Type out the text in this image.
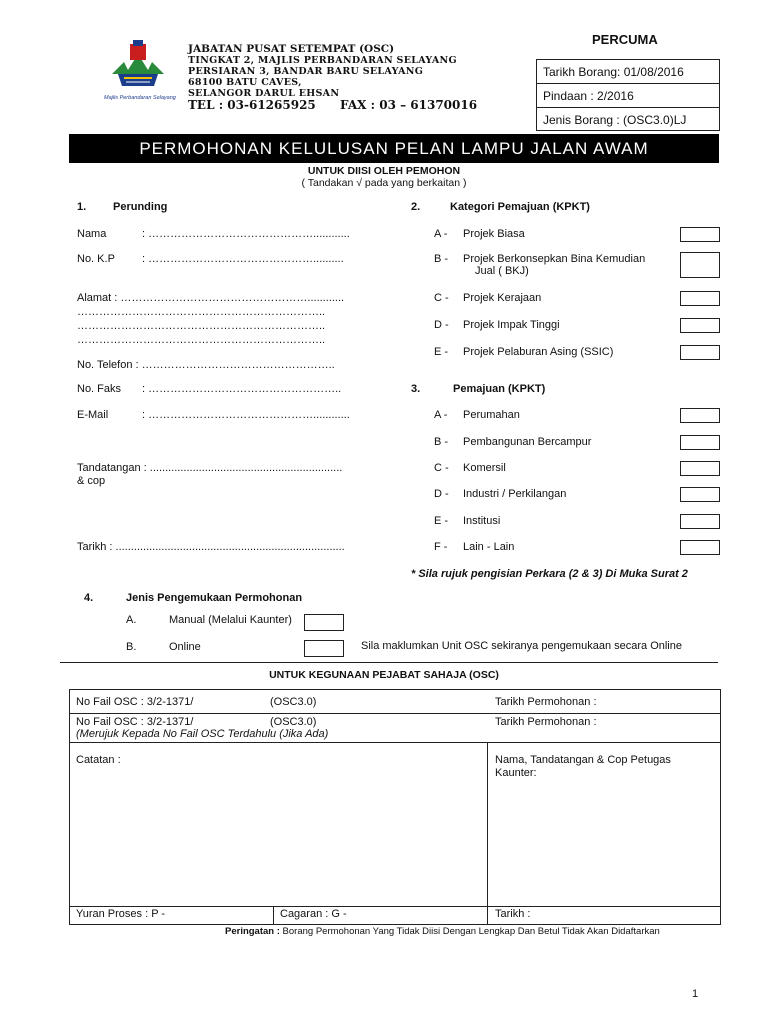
Majlis Perbandaran Selayang
JABATAN PUSAT SETEMPAT (OSC)
TINGKAT 2, MAJLIS PERBANDARAN SELAYANG
PERSIARAN 3, BANDAR BARU SELAYANG
68100 BATU CAVES,
SELANGOR DARUL EHSAN
TEL : 03-61265925 FAX : 03 – 61370016
PERCUMA
Tarikh Borang: 01/08/2016
Pindaan : 2/2016
Jenis Borang : (OSC3.0)LJ
PERMOHONAN KELULUSAN PELAN LAMPU JALAN AWAM
UNTUK DIISI OLEH PEMOHON
( Tandakan √ pada yang berkaitan )
1. Perunding
Nama	: ………………………………………............
No. K.P : ………………………………………..........
Alamat : ……………………………………………............
…………………………………………………………..
…………………………………………………………..
…………………………………………………………..
No. Telefon : ……………………………………………..
No. Faks : ……………………………………………..
E-Mail	: ………………………………………............
Tandatangan : ...............................................................
& cop
Tarikh : ...........................................................................
2.	Kategori Pemajuan (KPKT)
A - Projek Biasa
B - Projek Berkonsepkan Bina Kemudian
Jual ( BKJ)
C - Projek Kerajaan
D - Projek Impak Tinggi
E - Projek Pelaburan Asing (SSIC)
3.	Pemajuan (KPKT)
A - Perumahan
B - Pembangunan Bercampur
C - Komersil
D - Industri / Perkilangan
E - Institusi
F - Lain - Lain
* Sila rujuk pengisian Perkara (2 & 3) Di Muka Surat 2
4.	Jenis Pengemukaan Permohonan
A.	Manual (Melalui Kaunter)
B.	Online	Sila maklumkan Unit OSC sekiranya pengemukaan secara Online
UNTUK KEGUNAAN PEJABAT SAHAJA (OSC)
No Fail OSC : 3/2-1371/	(OSC3.0)	Tarikh Permohonan :
No Fail OSC : 3/2-1371/	(OSC3.0)	Tarikh Permohonan :
(Merujuk Kepada No Fail OSC Terdahulu (Jika Ada)
Catatan :	Nama, Tandatangan & Cop Petugas Kaunter:
Yuran Proses : P -	Cagaran : G -	Tarikh :
Peringatan : Borang Permohonan Yang Tidak Diisi Dengan Lengkap Dan Betul Tidak Akan Didaftarkan
1
